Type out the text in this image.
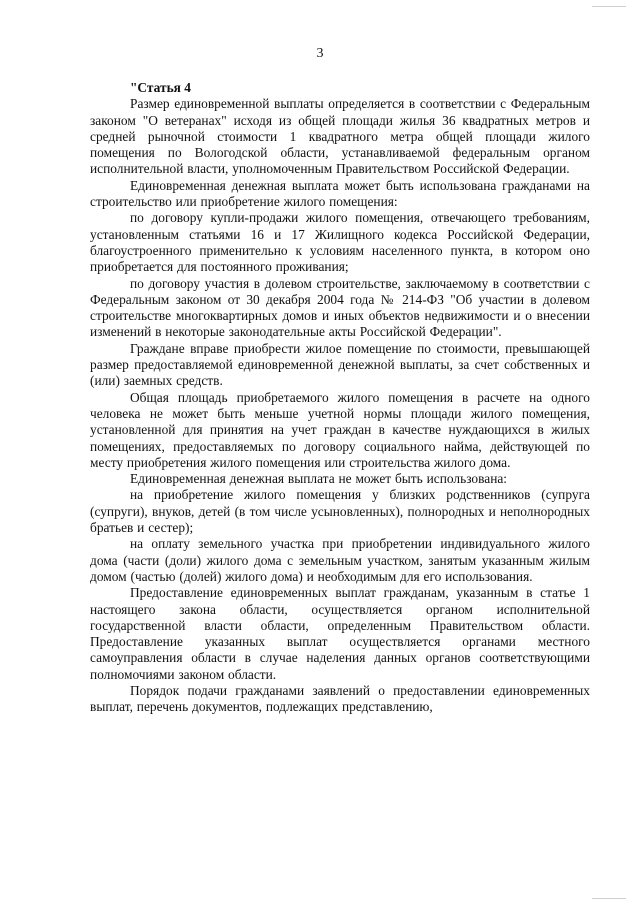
3

"Статья 4

Размер единовременной выплаты определяется в соответствии с Федеральным законом "О ветеранах" исходя из общей площади жилья 36 квадратных метров и средней рыночной стоимости 1 квадратного метра общей площади жилого помещения по Вологодской области, устанавливаемой федеральным органом исполнительной власти, уполномоченным Правительством Российской Федерации.

Единовременная денежная выплата может быть использована гражданами на строительство или приобретение жилого помещения:

по договору купли-продажи жилого помещения, отвечающего требованиям, установленным статьями 16 и 17 Жилищного кодекса Российской Федерации, благоустроенного применительно к условиям населенного пункта, в котором оно приобретается для постоянного проживания;

по договору участия в долевом строительстве, заключаемому в соответствии с Федеральным законом от 30 декабря 2004 года № 214-ФЗ "Об участии в долевом строительстве многоквартирных домов и иных объектов недвижимости и о внесении изменений в некоторые законодательные акты Российской Федерации".

Граждане вправе приобрести жилое помещение по стоимости, превышающей размер предоставляемой единовременной денежной выплаты, за счет собственных и (или) заемных средств.

Общая площадь приобретаемого жилого помещения в расчете на одного человека не может быть меньше учетной нормы площади жилого помещения, установленной для принятия на учет граждан в качестве нуждающихся в жилых помещениях, предоставляемых по договору социального найма, действующей по месту приобретения жилого помещения или строительства жилого дома.

Единовременная денежная выплата не может быть использована:

на приобретение жилого помещения у близких родственников (супруга (супруги), внуков, детей (в том числе усыновленных), полнородных и неполнородных братьев и сестер);

на оплату земельного участка при приобретении индивидуального жилого дома (части (доли) жилого дома с земельным участком, занятым указанным жилым домом (частью (долей) жилого дома) и необходимым для его использования.

Предоставление единовременных выплат гражданам, указанным в статье 1 настоящего закона области, осуществляется органом исполнительной государственной власти области, определенным Правительством области. Предоставление указанных выплат осуществляется органами местного самоуправления области в случае наделения данных органов соответствующими полномочиями законом области.

Порядок подачи гражданами заявлений о предоставлении единовременных выплат, перечень документов, подлежащих представлению,
